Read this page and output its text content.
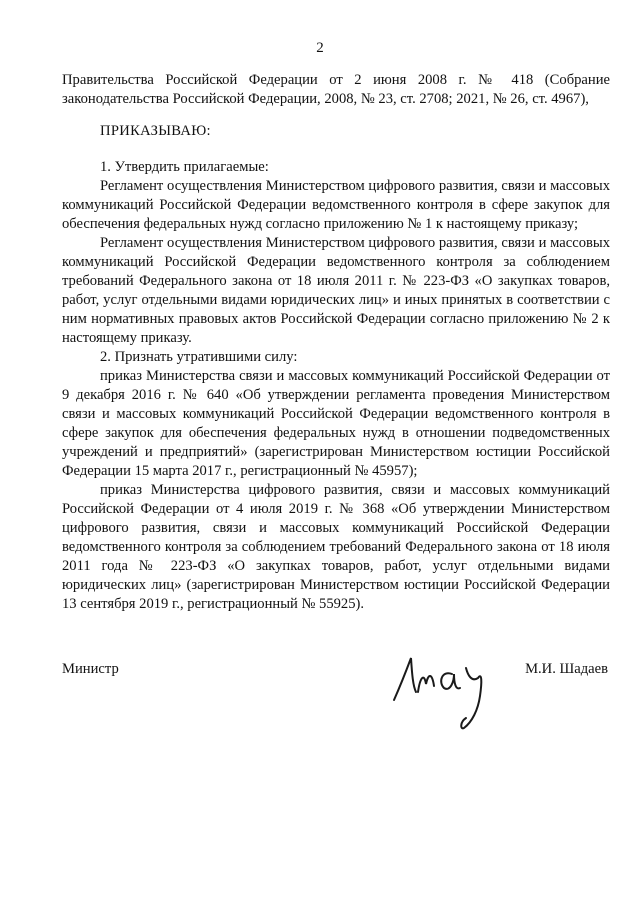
2
Правительства Российской Федерации от 2 июня 2008 г. № 418 (Собрание законодательства Российской Федерации, 2008, № 23, ст. 2708; 2021, № 26, ст. 4967),
ПРИКАЗЫВАЮ:

1. Утвердить прилагаемые:

Регламент осуществления Министерством цифрового развития, связи и массовых коммуникаций Российской Федерации ведомственного контроля в сфере закупок для обеспечения федеральных нужд согласно приложению № 1 к настоящему приказу;

Регламент осуществления Министерством цифрового развития, связи и массовых коммуникаций Российской Федерации ведомственного контроля за соблюдением требований Федерального закона от 18 июля 2011 г. № 223-ФЗ «О закупках товаров, работ, услуг отдельными видами юридических лиц» и иных принятых в соответствии с ним нормативных правовых актов Российской Федерации согласно приложению № 2 к настоящему приказу.

2. Признать утратившими силу:

приказ Министерства связи и массовых коммуникаций Российской Федерации от 9 декабря 2016 г. № 640 «Об утверждении регламента проведения Министерством связи и массовых коммуникаций Российской Федерации ведомственного контроля в сфере закупок для обеспечения федеральных нужд в отношении подведомственных учреждений и предприятий» (зарегистрирован Министерством юстиции Российской Федерации 15 марта 2017 г., регистрационный № 45957);

приказ Министерства цифрового развития, связи и массовых коммуникаций Российской Федерации от 4 июля 2019 г. № 368 «Об утверждении Министерством цифрового развития, связи и массовых коммуникаций Российской Федерации ведомственного контроля за соблюдением требований Федерального закона от 18 июля 2011 года № 223-ФЗ «О закупках товаров, работ, услуг отдельными видами юридических лиц» (зарегистрирован Министерством юстиции Российской Федерации 13 сентября 2019 г., регистрационный № 55925).

Министр	М.И. Шадаев
